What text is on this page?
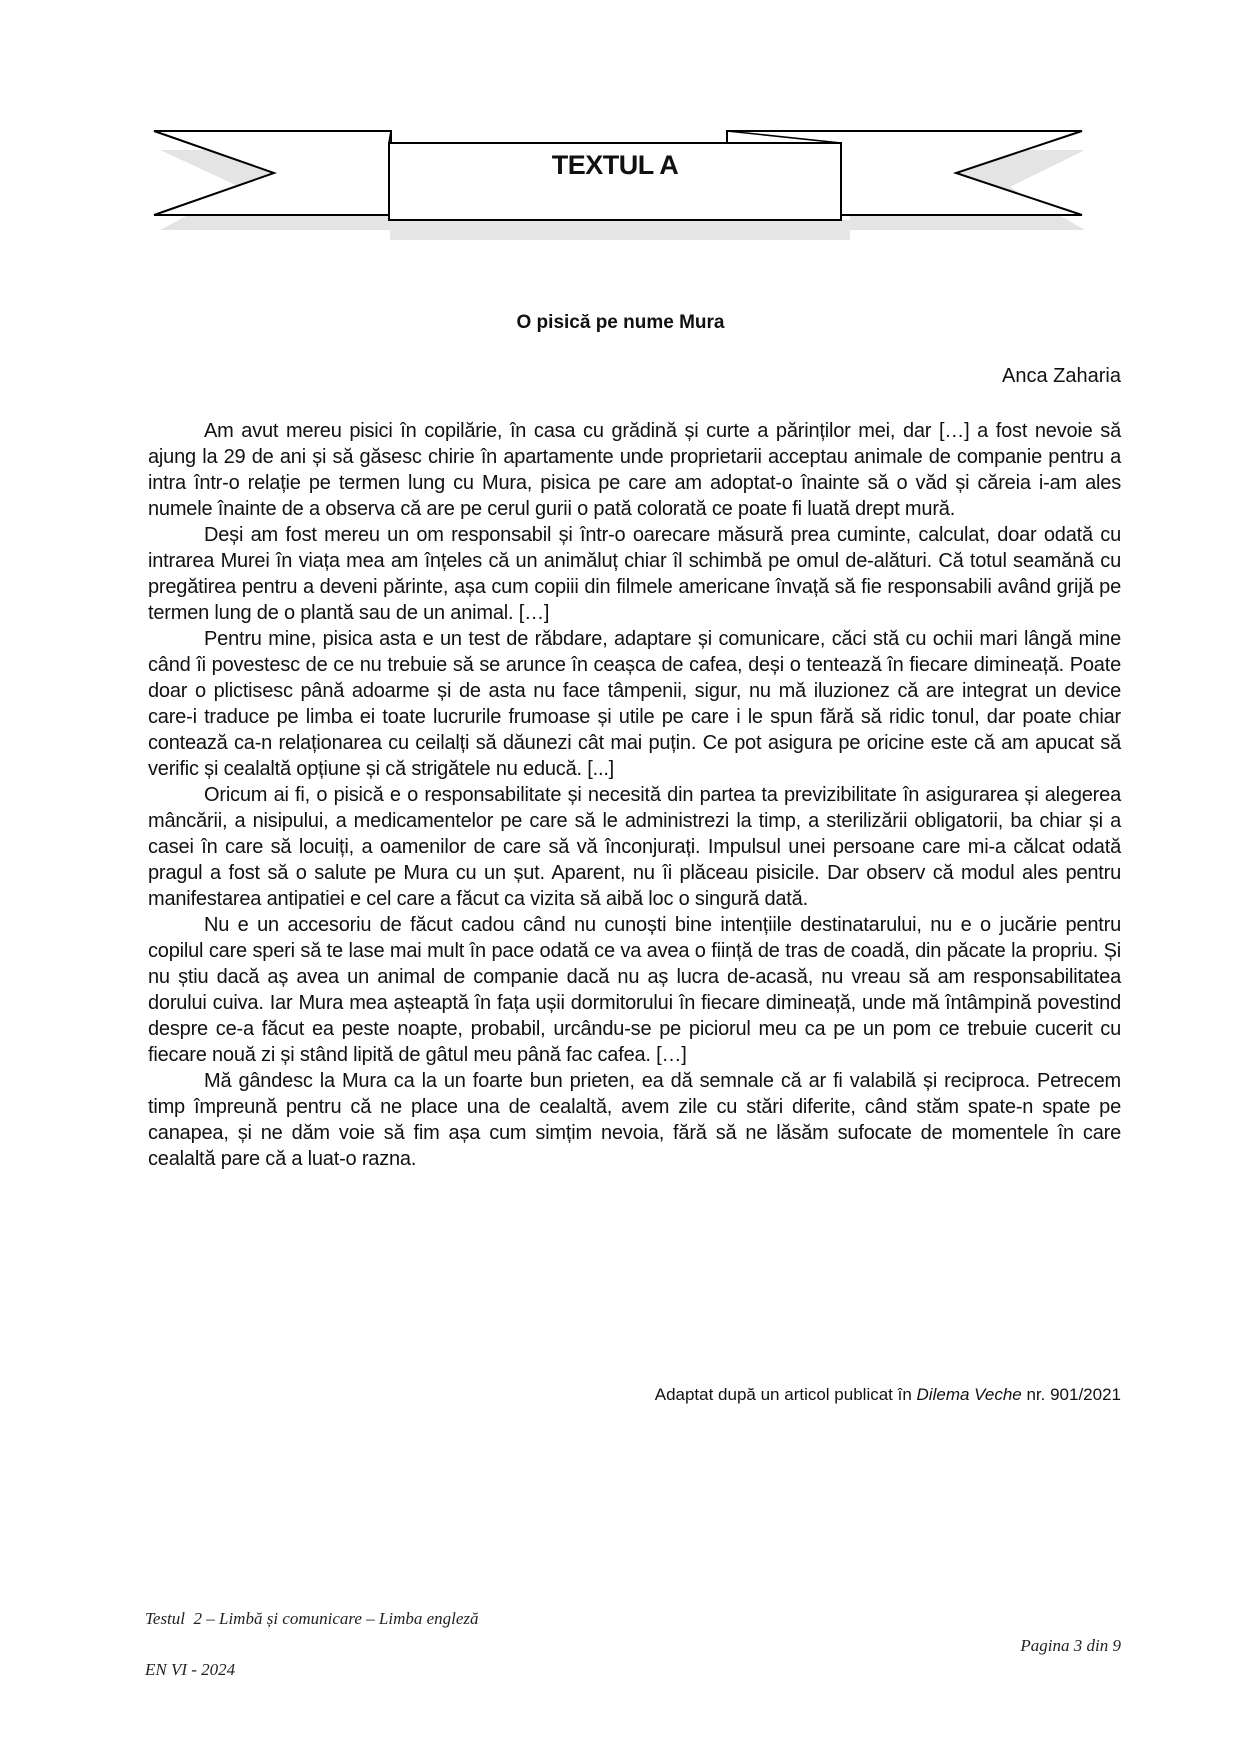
TEXTUL A
O pisică pe nume Mura
Anca Zaharia

Am avut mereu pisici în copilărie, în casa cu grădină și curte a părinților mei, dar […] a fost nevoie să ajung la 29 de ani și să găsesc chirie în apartamente unde proprietarii acceptau animale de companie pentru a intra într-o relație pe termen lung cu Mura, pisica pe care am adoptat-o înainte să o văd și căreia i-am ales numele înainte de a observa că are pe cerul gurii o pată colorată ce poate fi luată drept mură.

Deși am fost mereu un om responsabil și într-o oarecare măsură prea cuminte, calculat, doar odată cu intrarea Murei în viața mea am înțeles că un animăluț chiar îl schimbă pe omul de-alături. Că totul seamănă cu pregătirea pentru a deveni părinte, așa cum copiii din filmele americane învață să fie responsabili având grijă pe termen lung de o plantă sau de un animal. […]

Pentru mine, pisica asta e un test de răbdare, adaptare și comunicare, căci stă cu ochii mari lângă mine când îi povestesc de ce nu trebuie să se arunce în ceașca de cafea, deși o tentează în fiecare dimineață. Poate doar o plictisesc până adoarme și de asta nu face tâmpenii, sigur, nu mă iluzionez că are integrat un device care-i traduce pe limba ei toate lucrurile frumoase și utile pe care i le spun fără să ridic tonul, dar poate chiar contează ca-n relaționarea cu ceilalți să dăunezi cât mai puțin. Ce pot asigura pe oricine este că am apucat să verific și cealaltă opțiune și că strigătele nu educă. [...]

Oricum ai fi, o pisică e o responsabilitate și necesită din partea ta previzibilitate în asigurarea și alegerea mâncării, a nisipului, a medicamentelor pe care să le administrezi la timp, a sterilizării obligatorii, ba chiar și a casei în care să locuiți, a oamenilor de care să vă înconjurați. Impulsul unei persoane care mi-a călcat odată pragul a fost să o salute pe Mura cu un șut. Aparent, nu îi plăceau pisicile. Dar observ că modul ales pentru manifestarea antipatiei e cel care a făcut ca vizita să aibă loc o singură dată.

Nu e un accesoriu de făcut cadou când nu cunoști bine intențiile destinatarului, nu e o jucărie pentru copilul care speri să te lase mai mult în pace odată ce va avea o ființă de tras de coadă, din păcate la propriu. Și nu știu dacă aș avea un animal de companie dacă nu aș lucra de-acasă, nu vreau să am responsabilitatea dorului cuiva. Iar Mura mea așteaptă în fața ușii dormitorului în fiecare dimineață, unde mă întâmpină povestind despre ce-a făcut ea peste noapte, probabil, urcându-se pe piciorul meu ca pe un pom ce trebuie cucerit cu fiecare nouă zi și stând lipită de gâtul meu până fac cafea. […]

Mă gândesc la Mura ca la un foarte bun prieten, ea dă semnale că ar fi valabilă și reciproca. Petrecem timp împreună pentru că ne place una de cealaltă, avem zile cu stări diferite, când stăm spate-n spate pe canapea, și ne dăm voie să fim așa cum simțim nevoia, fără să ne lăsăm sufocate de momentele în care cealaltă pare că a luat-o razna.

Adaptat după un articol publicat în Dilema Veche nr. 901/2021
Testul  2 – Limbă și comunicare – Limba engleză
Pagina 3 din 9
EN VI - 2024
